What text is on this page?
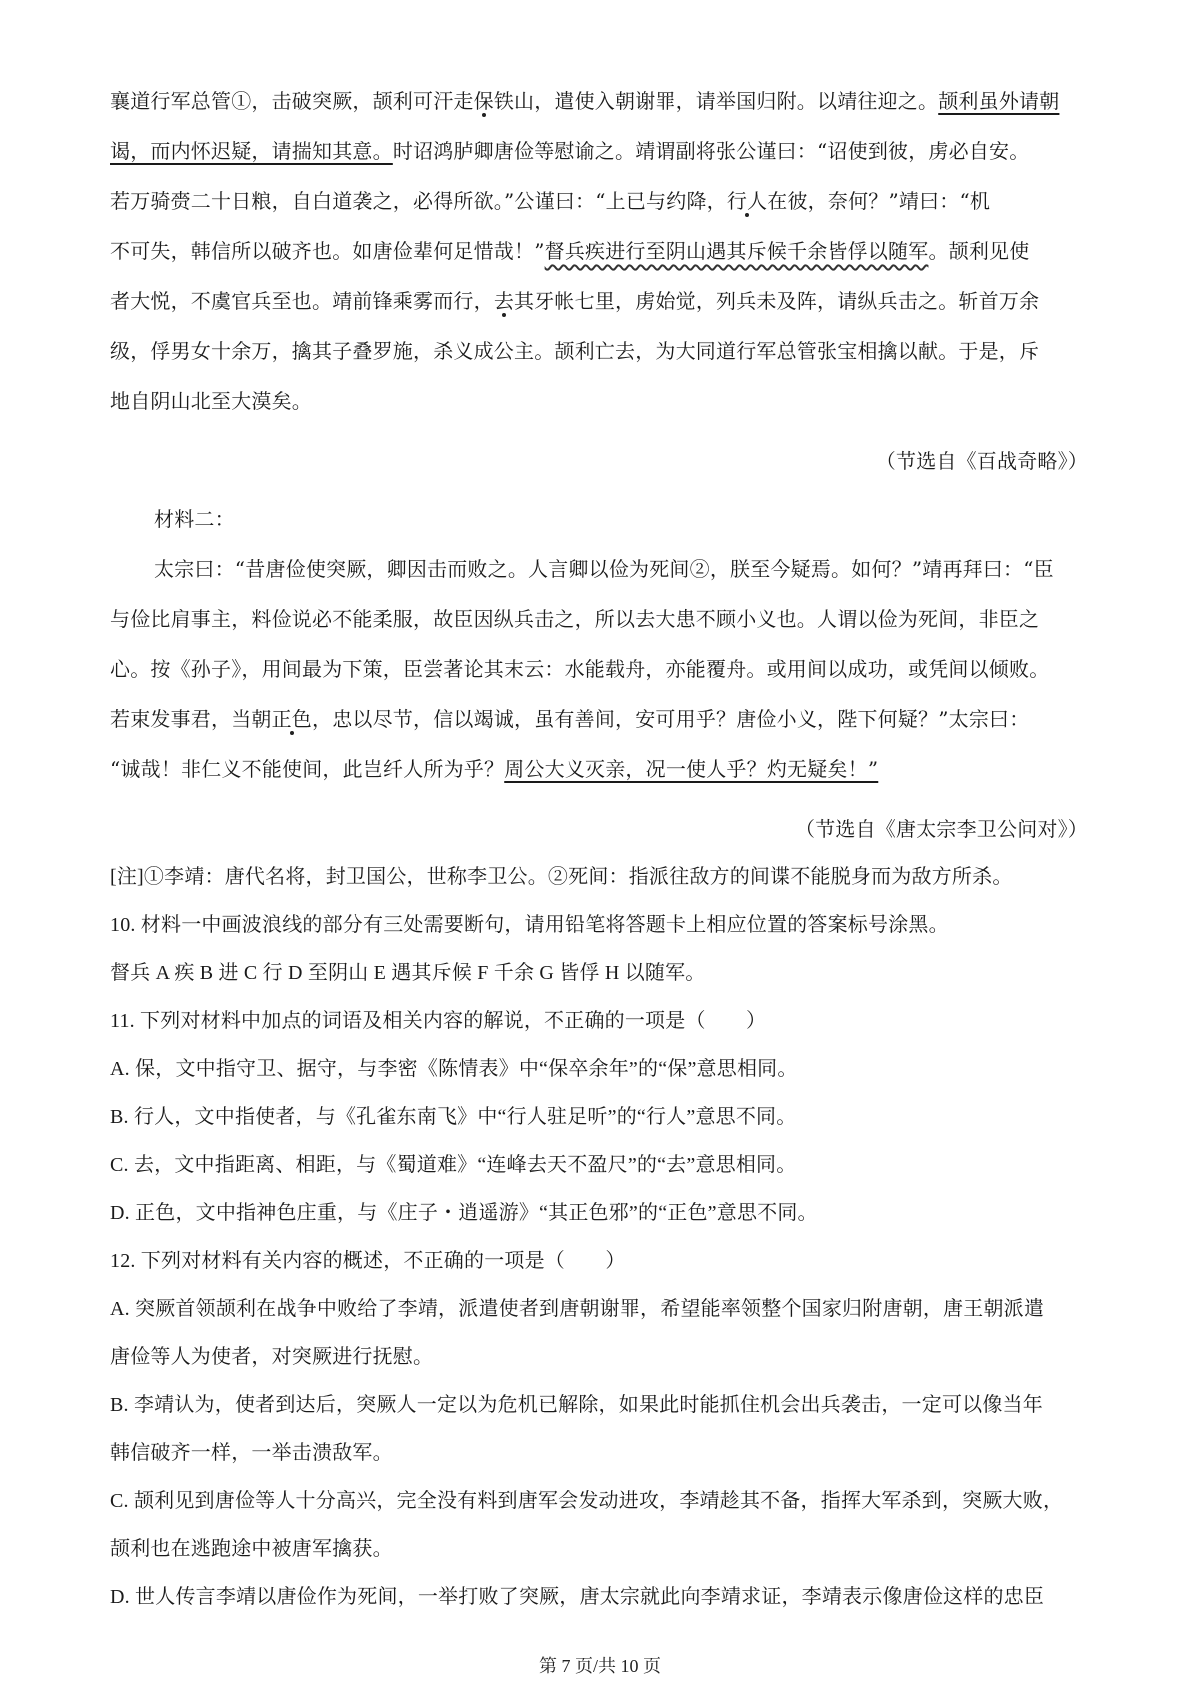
襄道行军总管①，击破突厥，颉利可汗走保铁山，遣使入朝谢罪，请举国归附。以靖往迎之。颉利虽外请朝
谒，而内怀迟疑，请揣知其意。时诏鸿胪卿唐俭等慰谕之。靖谓副将张公谨曰：“诏使到彼，虏必自安。
若万骑赍二十日粮，自白道袭之，必得所欲。”公谨曰：“上已与约降，行人在彼，奈何？”靖曰：“机
不可失，韩信所以破齐也。如唐俭辈何足惜哉！”督兵疾进行至阴山遇其斥候千余皆俘以随军。颉利见使
者大悦，不虞官兵至也。靖前锋乘雾而行，去其牙帐七里，虏始觉，列兵未及阵，请纵兵击之。斩首万余
级，俘男女十余万，擒其子叠罗施，杀义成公主。颉利亡去，为大同道行军总管张宝相擒以献。于是，斥
地自阴山北至大漠矣。
（节选自《百战奇略》）
材料二：
太宗曰：“昔唐俭使突厥，卿因击而败之。人言卿以俭为死间②，朕至今疑焉。如何？”靖再拜曰：“臣
与俭比肩事主，料俭说必不能柔服，故臣因纵兵击之，所以去大患不顾小义也。人谓以俭为死间，非臣之
心。按《孙子》，用间最为下策，臣尝著论其末云：水能载舟，亦能覆舟。或用间以成功，或凭间以倾败。
若束发事君，当朝正色，忠以尽节，信以竭诚，虽有善间，安可用乎？唐俭小义，陛下何疑？”太宗曰：
“诚哉！非仁义不能使间，此岂纤人所为乎？周公大义灭亲，况一使人乎？灼无疑矣！”
（节选自《唐太宗李卫公问对》）
[注]①李靖：唐代名将，封卫国公，世称李卫公。②死间：指派往敌方的间谍不能脱身而为敌方所杀。
10. 材料一中画波浪线的部分有三处需要断句，请用铅笔将答题卡上相应位置的答案标号涂黑。
督兵 A 疾 B 进 C 行 D 至阴山 E 遇其斥候 F 千余 G 皆俘 H 以随军。
11. 下列对材料中加点的词语及相关内容的解说，不正确的一项是（　　）
A. 保，文中指守卫、据守，与李密《陈情表》中“保卒余年”的“保”意思相同。
B. 行人，文中指使者，与《孔雀东南飞》中“行人驻足听”的“行人”意思不同。
C. 去，文中指距离、相距，与《蜀道难》“连峰去天不盈尺”的“去”意思相同。
D. 正色，文中指神色庄重，与《庄子・逍遥游》“其正色邪”的“正色”意思不同。
12. 下列对材料有关内容的概述，不正确的一项是（　　）
A. 突厥首领颉利在战争中败给了李靖，派遣使者到唐朝谢罪，希望能率领整个国家归附唐朝，唐王朝派遣
唐俭等人为使者，对突厥进行抚慰。
B. 李靖认为，使者到达后，突厥人一定以为危机已解除，如果此时能抓住机会出兵袭击，一定可以像当年
韩信破齐一样，一举击溃敌军。
C. 颉利见到唐俭等人十分高兴，完全没有料到唐军会发动进攻，李靖趁其不备，指挥大军杀到，突厥大败，
颉利也在逃跑途中被唐军擒获。
D. 世人传言李靖以唐俭作为死间，一举打败了突厥，唐太宗就此向李靖求证，李靖表示像唐俭这样的忠臣
第 7 页/共 10 页
